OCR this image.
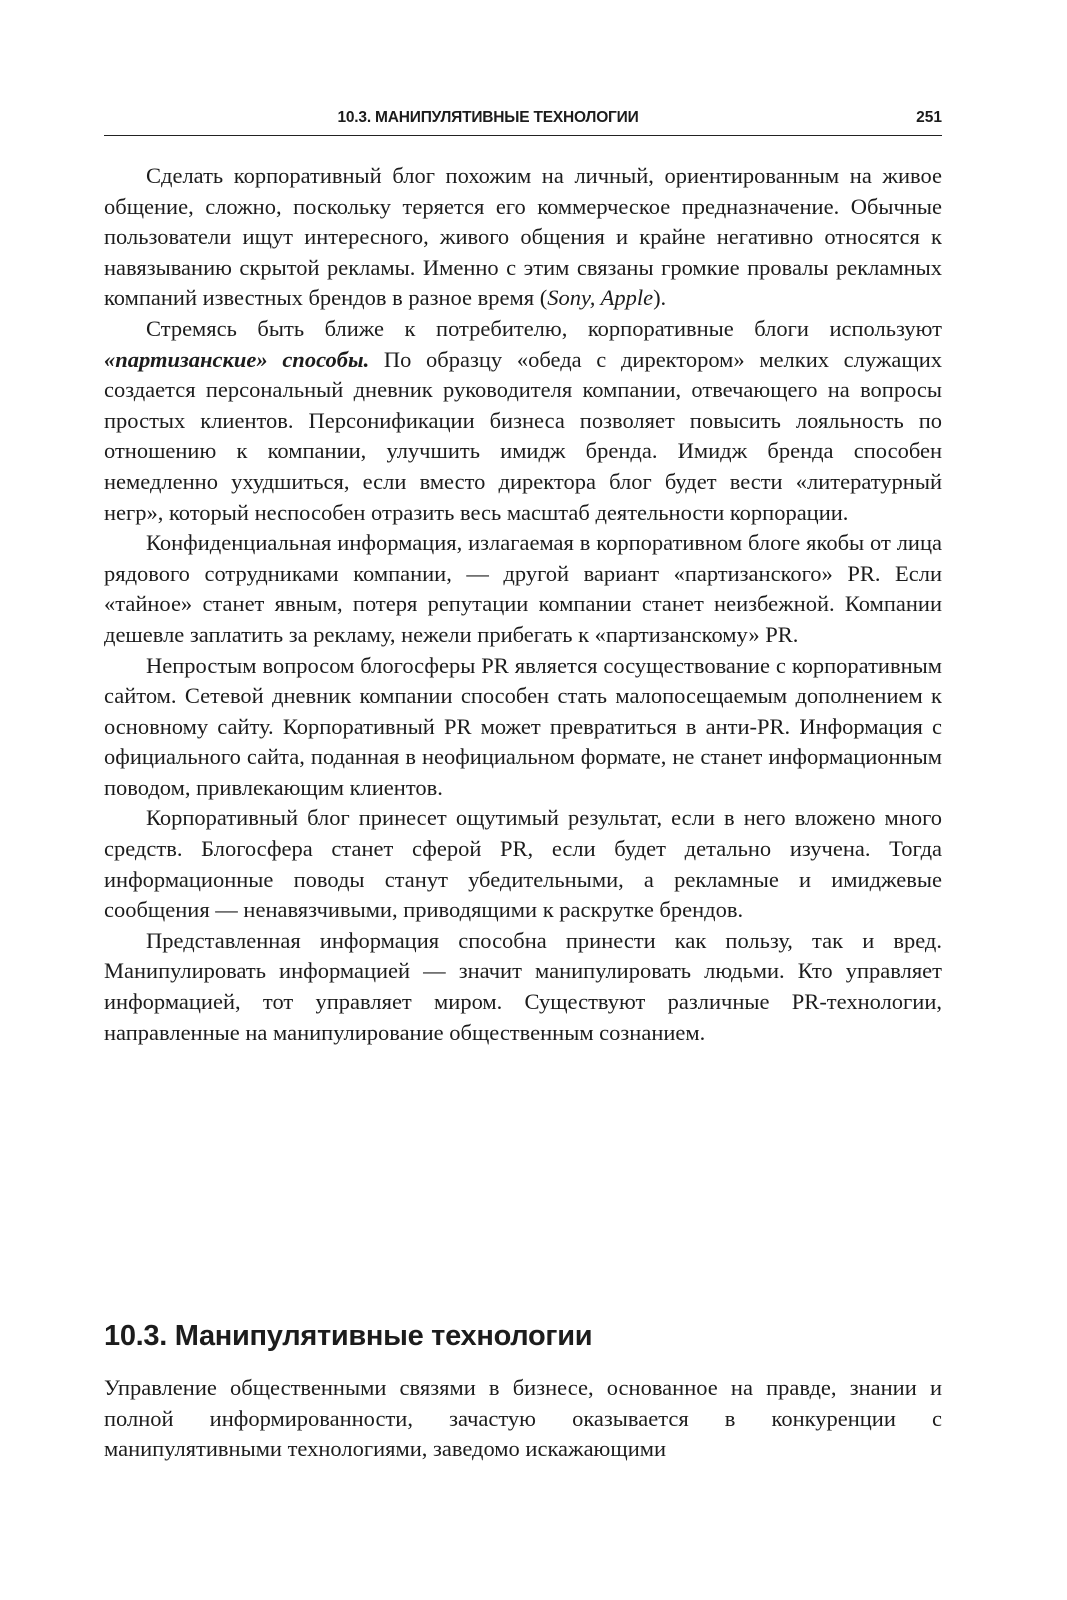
10.3. МАНИПУЛЯТИВНЫЕ ТЕХНОЛОГИИ	251

Сделать корпоративный блог похожим на личный, ориентированным на живое общение, сложно, поскольку теряется его коммерческое предназначение. Обычные пользователи ищут интересного, живого общения и крайне негативно относятся к навязыванию скрытой рекламы. Именно с этим связаны громкие провалы рекламных компаний известных брендов в разное время (Sony, Apple).

Стремясь быть ближе к потребителю, корпоративные блоги используют «партизанские» способы. По образцу «обеда с директором» мелких служащих создается персональный дневник руководителя компании, отвечающего на вопросы простых клиентов. Персонификации бизнеса позволяет повысить лояльность по отношению к компании, улучшить имидж бренда. Имидж бренда способен немедленно ухудшиться, если вместо директора блог будет вести «литературный негр», который неспособен отразить весь масштаб деятельности корпорации.

Конфиденциальная информация, излагаемая в корпоративном блоге якобы от лица рядового сотрудниками компании, — другой вариант «партизанского» PR. Если «тайное» станет явным, потеря репутации компании станет неизбежной. Компании дешевле заплатить за рекламу, нежели прибегать к «партизанскому» PR.

Непростым вопросом блогосферы PR является сосуществование с корпоративным сайтом. Сетевой дневник компании способен стать малопосещаемым дополнением к основному сайту. Корпоративный PR может превратиться в анти-PR. Информация с официального сайта, поданная в неофициальном формате, не станет информационным поводом, привлекающим клиентов.

Корпоративный блог принесет ощутимый результат, если в него вложено много средств. Блогосфера станет сферой PR, если будет детально изучена. Тогда информационные поводы станут убедительными, а рекламные и имиджевые сообщения — ненавязчивыми, приводящими к раскрутке брендов.

Представленная информация способна принести как пользу, так и вред. Манипулировать информацией — значит манипулировать людьми. Кто управляет информацией, тот управляет миром. Существуют различные PR-технологии, направленные на манипулирование общественным сознанием.

10.3. Манипулятивные технологии

Управление общественными связями в бизнесе, основанное на правде, знании и полной информированности, зачастую оказывается в конкуренции с манипулятивными технологиями, заведомо искажающими
